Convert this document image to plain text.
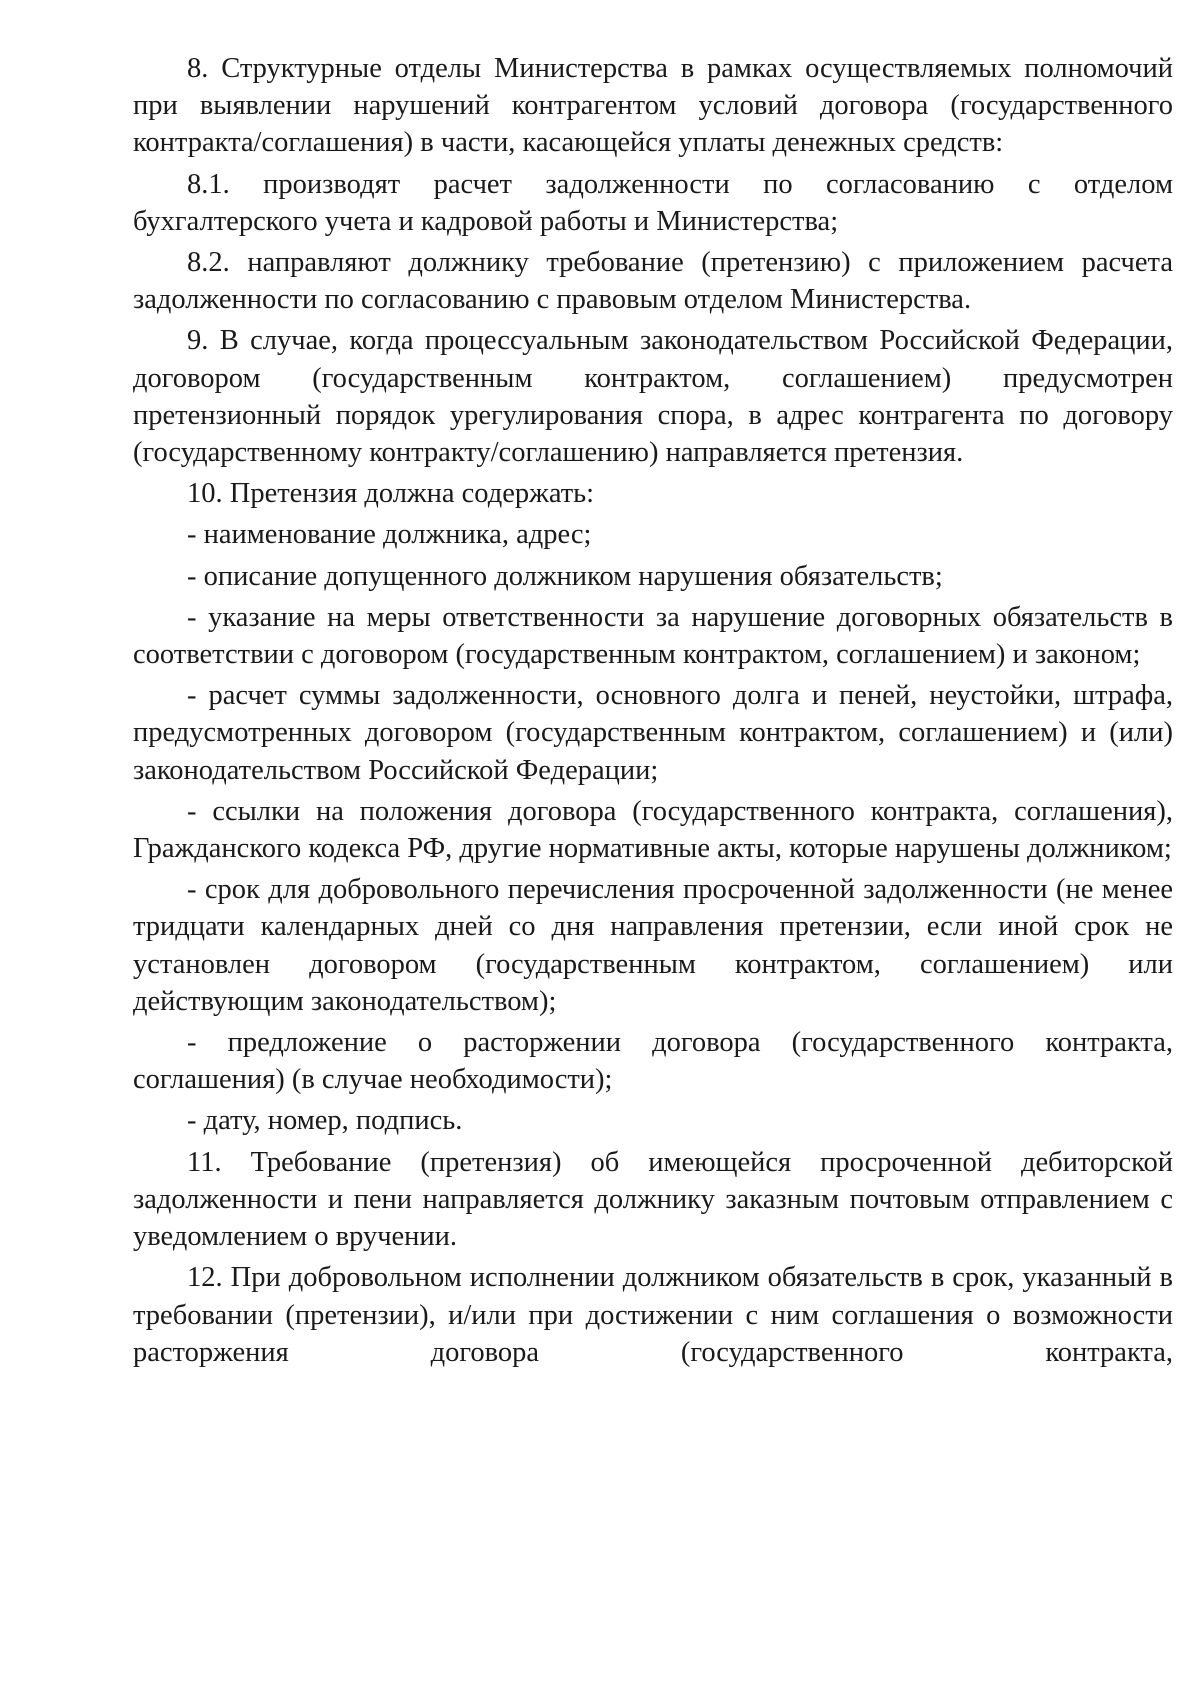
8. Структурные отделы Министерства в рамках осуществляемых полномочий при выявлении нарушений контрагентом условий договора (государственного контракта/соглашения) в части, касающейся уплаты денежных средств:

8.1. производят расчет задолженности по согласованию с отделом бухгалтерского учета и кадровой работы и Министерства;

8.2. направляют должнику требование (претензию) с приложением расчета задолженности по согласованию с правовым отделом Министерства.

9. В случае, когда процессуальным законодательством Российской Федерации, договором (государственным контрактом, соглашением) предусмотрен претензионный порядок урегулирования спора, в адрес контрагента по договору (государственному контракту/соглашению) направляется претензия.

10. Претензия должна содержать:

- наименование должника, адрес;

- описание допущенного должником нарушения обязательств;

- указание на меры ответственности за нарушение договорных обязательств в соответствии с договором (государственным контрактом, соглашением) и законом;

- расчет суммы задолженности, основного долга и пеней, неустойки, штрафа, предусмотренных договором (государственным контрактом, соглашением) и (или) законодательством Российской Федерации;

- ссылки на положения договора (государственного контракта, соглашения), Гражданского кодекса РФ, другие нормативные акты, которые нарушены должником;

- срок для добровольного перечисления просроченной задолженности (не менее тридцати календарных дней со дня направления претензии, если иной срок не установлен договором (государственным контрактом, соглашением) или действующим законодательством);

- предложение о расторжении договора (государственного контракта, соглашения) (в случае необходимости);

- дату, номер, подпись.

11. Требование (претензия) об имеющейся просроченной дебиторской задолженности и пени направляется должнику заказным почтовым отправлением с уведомлением о вручении.

12. При добровольном исполнении должником обязательств в срок, указанный в требовании (претензии), и/или при достижении с ним соглашения о возможности расторжения договора (государственного контракта,
